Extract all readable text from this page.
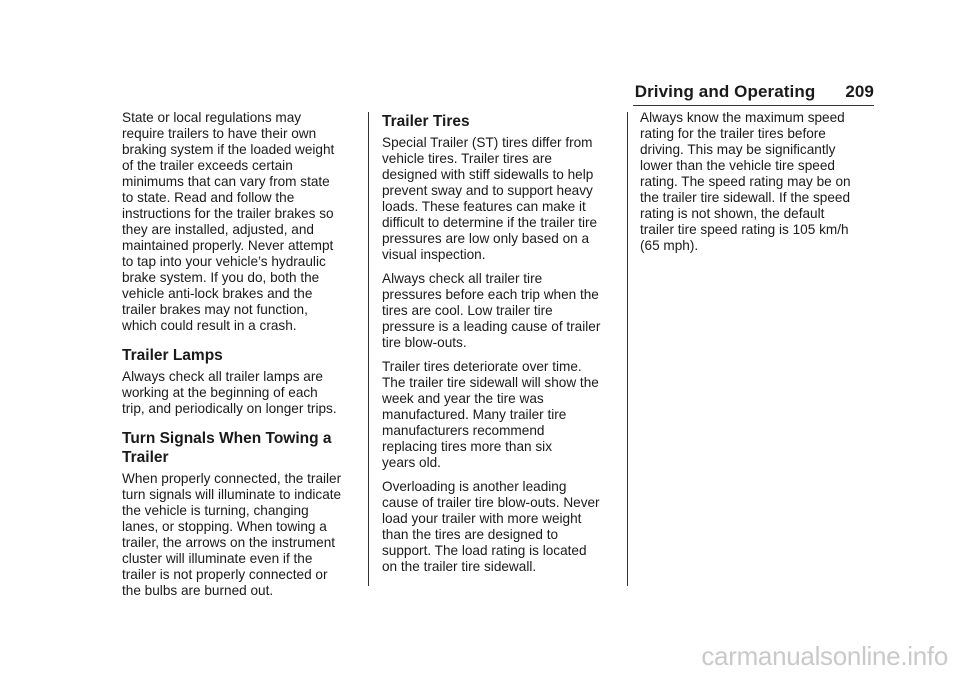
Driving and Operating 209

State or local regulations may
require trailers to have their own
braking system if the loaded weight
of the trailer exceeds certain
minimums that can vary from state
to state. Read and follow the
instructions for the trailer brakes so
they are installed, adjusted, and
maintained properly. Never attempt
to tap into your vehicle’s hydraulic
brake system. If you do, both the
vehicle anti-lock brakes and the
trailer brakes may not function,
which could result in a crash.

Trailer Lamps

Always check all trailer lamps are
working at the beginning of each
trip, and periodically on longer trips.

Turn Signals When Towing a
Trailer

When properly connected, the trailer
turn signals will illuminate to indicate
the vehicle is turning, changing
lanes, or stopping. When towing a
trailer, the arrows on the instrument
cluster will illuminate even if the
trailer is not properly connected or
the bulbs are burned out.

Trailer Tires

Special Trailer (ST) tires differ from
vehicle tires. Trailer tires are
designed with stiff sidewalls to help
prevent sway and to support heavy
loads. These features can make it
difficult to determine if the trailer tire
pressures are low only based on a
visual inspection.

Always check all trailer tire
pressures before each trip when the
tires are cool. Low trailer tire
pressure is a leading cause of trailer
tire blow-outs.

Trailer tires deteriorate over time.
The trailer tire sidewall will show the
week and year the tire was
manufactured. Many trailer tire
manufacturers recommend
replacing tires more than six
years old.

Overloading is another leading
cause of trailer tire blow-outs. Never
load your trailer with more weight
than the tires are designed to
support. The load rating is located
on the trailer tire sidewall.

Always know the maximum speed
rating for the trailer tires before
driving. This may be significantly
lower than the vehicle tire speed
rating. The speed rating may be on
the trailer tire sidewall. If the speed
rating is not shown, the default
trailer tire speed rating is 105 km/h
(65 mph).

carmanualsonline.info
